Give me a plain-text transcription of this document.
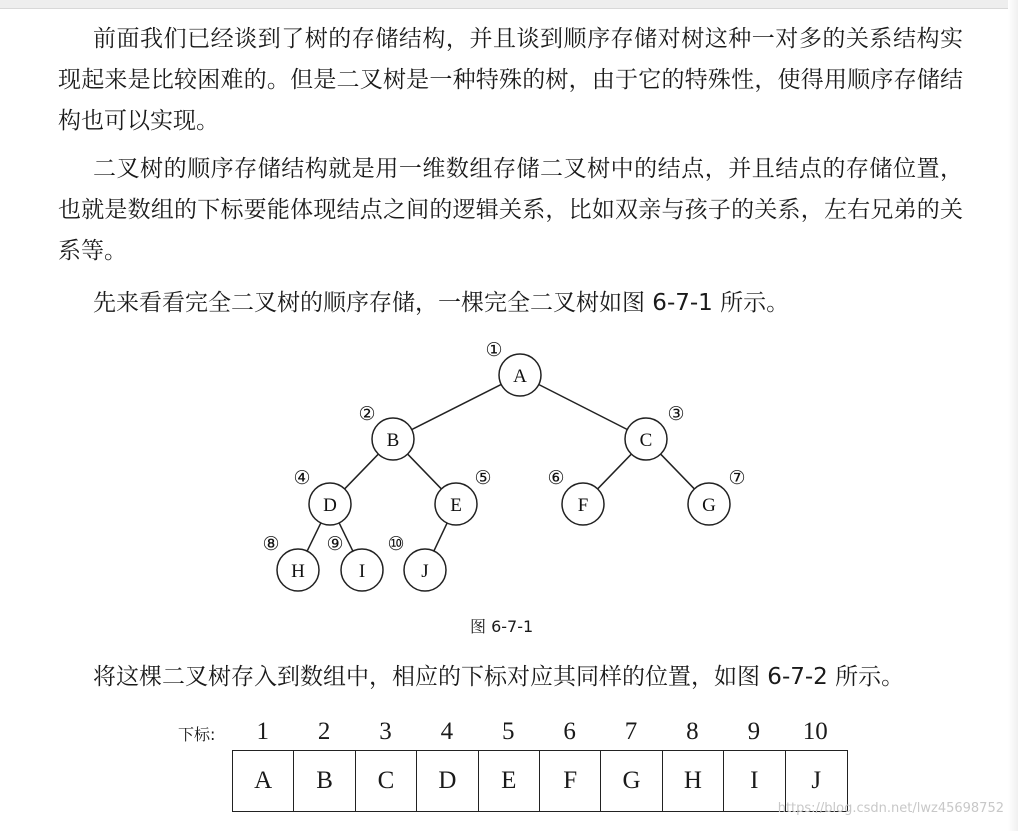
前面我们已经谈到了树的存储结构，并且谈到顺序存储对树这种一对多的关系结构实现起来是比较困难的。但是二叉树是一种特殊的树，由于它的特殊性，使得用顺序存储结构也可以实现。

二叉树的顺序存储结构就是用一维数组存储二叉树中的结点，并且结点的存储位置，也就是数组的下标要能体现结点之间的逻辑关系，比如双亲与孩子的关系，左右兄弟的关系等。

先来看看完全二叉树的顺序存储，一棵完全二叉树如图 6-7-1 所示。

A
①
B
②
C
③
D
④
E
⑤
F
⑥
G
⑦
H
⑧
I
⑨
J
⑩
图 6-7-1

将这棵二叉树存入到数组中，相应的下标对应其同样的位置，如图 6-7-2 所示。

下标:	1	2	3	4	5	6	7	8	9	10
A	B	C	D	E	F	G	H	I	J
https://blog.csdn.net/lwz45698752
